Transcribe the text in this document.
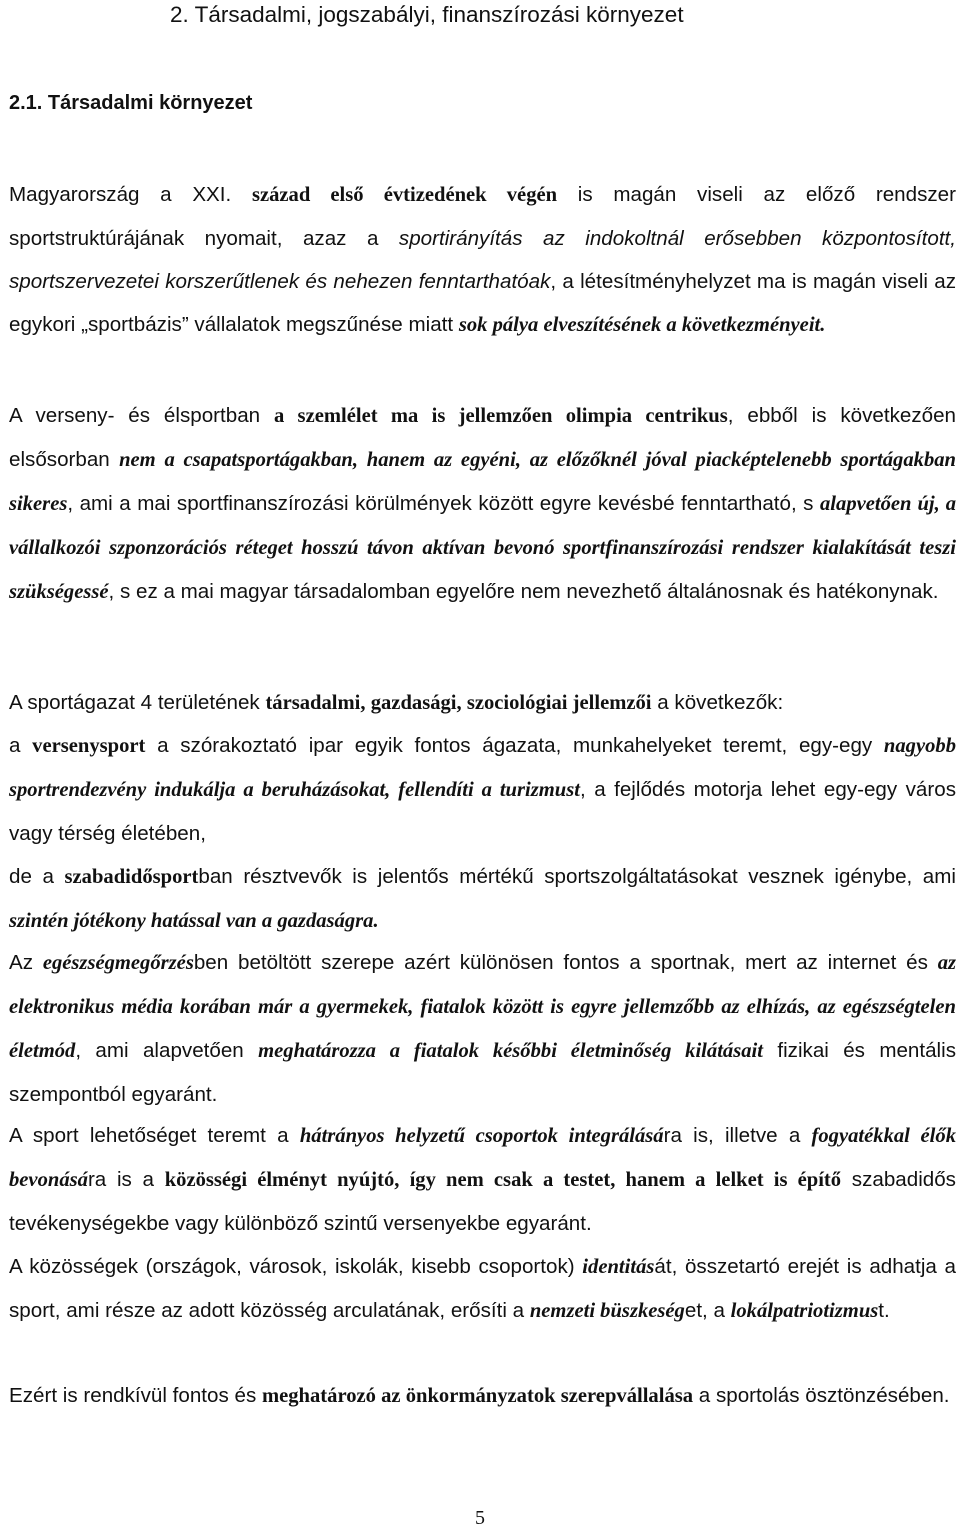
2. Társadalmi, jogszabályi, finanszírozási környezet
2.1. Társadalmi környezet

Magyarország a XXI. század első évtizedének végén is magán viseli az előző rendszer sportstruktúrájának nyomait, azaz a sportirányítás az indokoltnál erősebben központosított, sportszervezetei korszerűtlenek és nehezen fenntarthatóak, a létesítményhelyzet ma is magán viseli az egykori „sportbázis” vállalatok megszűnése miatt sok pálya elveszítésének a következményeit.

A verseny- és élsportban a szemlélet ma is jellemzően olimpia centrikus, ebből is következően elsősorban nem a csapatsportágakban, hanem az egyéni, az előzőknél jóval piacképtelenebb sportágakban sikeres, ami a mai sportfinanszírozási körülmények között egyre kevésbé fenntartható, s alapvetően új, a vállalkozói szponzorációs réteget hosszú távon aktívan bevonó sportfinanszírozási rendszer kialakítását teszi szükségessé, s ez a mai magyar társadalomban egyelőre nem nevezhető általánosnak és hatékonynak.

A sportágazat 4 területének társadalmi, gazdasági, szociológiai jellemzői a következők:

a versenysport a szórakoztató ipar egyik fontos ágazata, munkahelyeket teremt, egy-egy nagyobb sportrendezvény indukálja a beruházásokat, fellendíti a turizmust, a fejlődés motorja lehet egy-egy város vagy térség életében,

de a szabadidősportban résztvevők is jelentős mértékű sportszolgáltatásokat vesznek igénybe, ami szintén jótékony hatással van a gazdaságra.

Az egészségmegőrzésben betöltött szerepe azért különösen fontos a sportnak, mert az internet és az elektronikus média korában már a gyermekek, fiatalok között is egyre jellemzőbb az elhízás, az egészségtelen életmód, ami alapvetően meghatározza a fiatalok későbbi életminőség kilátásait fizikai és mentális szempontból egyaránt.

A sport lehetőséget teremt a hátrányos helyzetű csoportok integrálására is, illetve a fogyatékkal élők bevonására is a közösségi élményt nyújtó, így nem csak a testet, hanem a lelket is építő szabadidős tevékenységekbe vagy különböző szintű versenyekbe egyaránt.

A közösségek (országok, városok, iskolák, kisebb csoportok) identitását, összetartó erejét is adhatja a sport, ami része az adott közösség arculatának, erősíti a nemzeti büszkeséget, a lokálpatriotizmust.

Ezért is rendkívül fontos és meghatározó az önkormányzatok szerepvállalása a sportolás ösztönzésében.

5
